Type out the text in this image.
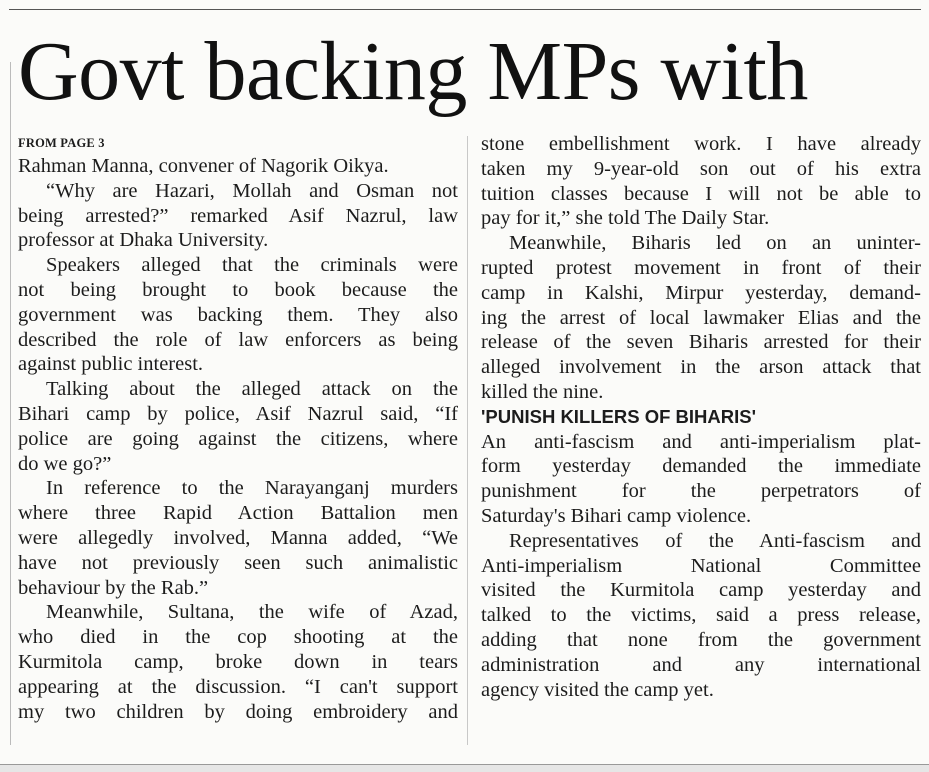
Govt backing MPs with
FROM PAGE 3
Rahman Manna, convener of Nagorik Oikya.
“Why are Hazari, Mollah and Osman not
being arrested?” remarked Asif Nazrul, law
professor at Dhaka University.
Speakers alleged that the criminals were
not being brought to book because the
government was backing them. They also
described the role of law enforcers as being
against public interest.
Talking about the alleged attack on the
Bihari camp by police, Asif Nazrul said, “If
police are going against the citizens, where
do we go?”
In reference to the Narayanganj murders
where three Rapid Action Battalion men
were allegedly involved, Manna added, “We
have not previously seen such animalistic
behaviour by the Rab.”
Meanwhile, Sultana, the wife of Azad,
who died in the cop shooting at the
Kurmitola camp, broke down in tears
appearing at the discussion. “I can't support
my two children by doing embroidery and
stone embellishment work. I have already
taken my 9-year-old son out of his extra
tuition classes because I will not be able to
pay for it,” she told The Daily Star.
Meanwhile, Biharis led on an uninter-
rupted protest movement in front of their
camp in Kalshi, Mirpur yesterday, demand-
ing the arrest of local lawmaker Elias and the
release of the seven Biharis arrested for their
alleged involvement in the arson attack that
killed the nine.
'PUNISH KILLERS OF BIHARIS'
An anti-fascism and anti-imperialism plat-
form yesterday demanded the immediate
punishment for the perpetrators of
Saturday's Bihari camp violence.
Representatives of the Anti-fascism and
Anti-imperialism National Committee
visited the Kurmitola camp yesterday and
talked to the victims, said a press release,
adding that none from the government
administration and any international
agency visited the camp yet.
